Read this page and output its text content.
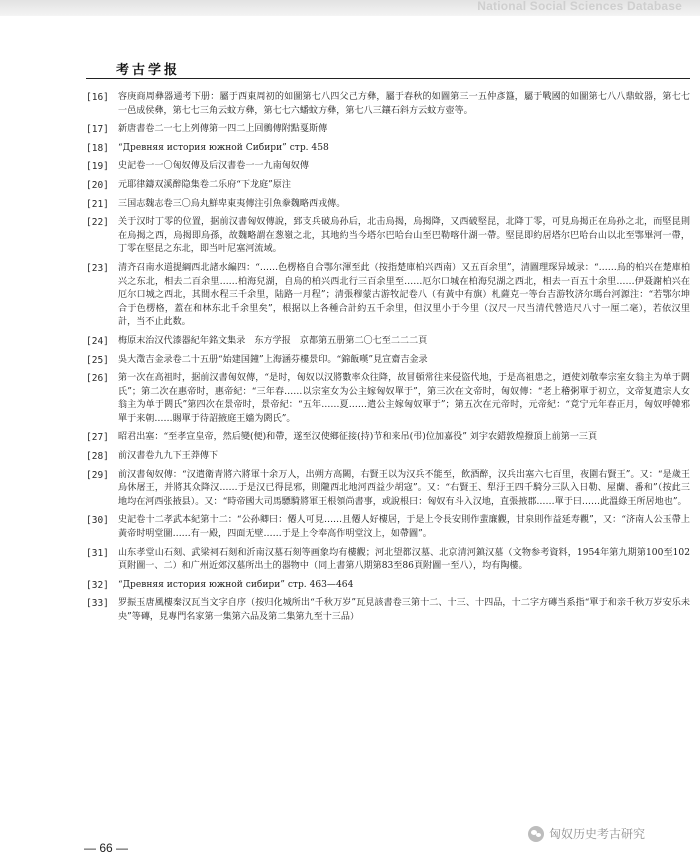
National Social Sciences Database
考古学报
[16]	容庚商周彝器通考下册：屬于西東周初的如圖第七八四父己方彝，屬于春秋的如圖第三一五仲彥簋，屬于戰國的如圖第七八八鼎蚊器，第七七一邑成侯彝，第七七三角云蚊方彝，第七七六蟠蚊方彝，第七八三鑲石斜方云蚊方壺等。
[17]	新唐書卷二一七上列傳第一四二上回鶻傳附點戛斯傳
[18]	“Древняя история южной Сибири” стр. 458
[19]	史記卷一一〇匈奴傳及后汉書卷一一九南匈奴傳
[20]	元耶律鑄双溪醉隐集卷二乐府“下龙庭”原注
[21]	三国志魏志卷三〇烏丸鮮卑東夷傳注引魚豢魏略西戎傳。
[22]	关于汉时丁零的位置，据前汉書匈奴傳說，郅支兵破烏孙后，北击烏揭，烏揭降，又西破堅昆，北降丁零，可見烏揭正在烏孙之北，而堅昆則在烏揭之西，烏揭即烏孫，故魏略謂在葱嶺之北，其地約当今塔尔巴哈台山至巴勒喀什湖一帶。堅昆即約居塔尔巴哈台山以北至鄂畢河一帶，丁零在堅昆之东北，即当叶尼塞河流域。
[23]	清齐召南水道提綱西北諸水編四：“……色楞格自合鄂尔渾至此（按指楚庫柏兴西南）又五百余里”，清圖理琛异域录：“……烏的柏兴在楚庫柏兴之东北，相去二百余里……柏海兒湖，自烏的柏兴西北行三百余里至……厄尔口城在柏海兒湖之西北，相去一百五十余里……伊聂謝柏兴在厄尔口城之西北，其間水程三千余里，陆路一月程”；清張穆蒙古游牧記卷八（有黃中有旗）札薩克一等台吉游牧济尔瑪台河源注：“若鄂尔坤合于色楞格，蓋在和林东北千余里矣”，根据以上各種合計約五千余里，但汉里小于今里（汉尺一尺当清代營造尺八寸一厘二毫），若依汉里計，当不止此数。
[24]	梅原末治汉代漆器紀年銘文集录　东方学报　京都第五册第二〇七至二二二頁
[25]	吳大澂吉金录卷二十五册“始建国鐘”上海涵芬樓景印。“錦飯嘆”見宣齋吉金录
[26]	第一次在高祖时，据前汉書匈奴傳，“是时，匈奴以汉將數率众往降，故冒頓常往来侵盜代地，于是高祖患之，迺使刘敬奉宗室女翁主为单于閼氏”；第二次在惠帝时，惠帝紀：“三年春……以宗室女为公主嫁匈奴單于”，第三次在文帝时，匈奴傳：“老上稽粥單于初立，文帝复遣宗人女翁主为单于閼氏”第四次在景帝时，景帝紀：“五年……夏……遣公主嫁匈奴單于”；第五次在元帝时，元帝紀：“竟宁元年春正月，匈奴呼韓邪單于来朝……賜單于待詔掖庭王嬙为閼氏”。
[27]	昭君出塞：“至孝宣皇帝，然后變(便)和帶，遂至汉使鄉征接(持)节和来吊(弔)位加嘉役” 刘宇农錯敦煌撥頂上前第一三頁
[28]	前汉書卷九九下王莽傳下
[29]	前汉書匈奴傳：“汉遣衛青將六將軍十余万人，出朔方高闕，右賢王以为汉兵不能至，飲酒醉，汉兵出塞六七百里，夜圍右賢王”。又：“是歲王烏休屠王，并將其众降汉……于是汉已得昆邪，則隴西北地河西益少胡寇”。又：“右賢王、犁汙王四千騎分三队入日勒、屋蘭、番和”（按此三地均在河西张掖县）。又：“時帝國大司馬驃騎將軍王根領尚書事，或說根曰：匈奴有斗入汉地，直張掖郡……單于曰……此溫綠王所居地也”。
[30]	史記卷十二孝武本紀第十二：“公孙卿曰：僊人可見……且僊人好樓居，于是上令長安則作蜚廉觀，甘泉則作益延寿觀”，又：“济南人公玉帶上黃帝时明堂圖……有一殿，四面无壁……于是上令奉高作明堂汶上，如帶圖”。
[31]	山东孝堂山石刻、武梁祠石刻和沂南汉墓石刻等画象均有樓觀；河北望都汉墓、北京清河鎮汉墓（文物参考資料，1954年第九期第100至102頁附圖一、二）和广州近郊汉墓所出土的器物中（同上書第八期第83至86頁附圖一至八），均有陶樓。
[32]	“Древняя история южной сибири” стр. 463—464
[33]	罗振玉唐風樓秦汉瓦当文字自序（按归化城所出“千秋万岁”瓦見該書卷三第十二、十三、十四品，十二字方磚当系指“單于和亲千秋万岁安乐未央”等磚，見專門名家第一集第六品及第二集第九至十三品）
匈奴历史考古研究
— 66 —
